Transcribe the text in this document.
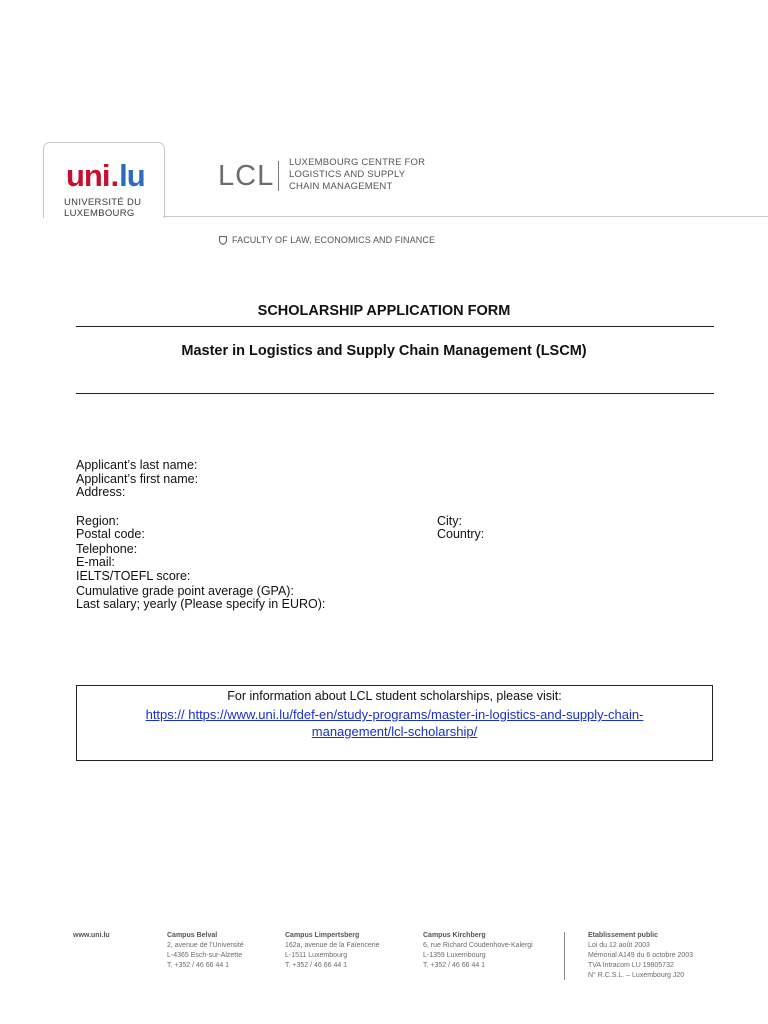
uni . lu
UNIVERSITÉ DU
LUXEMBOURG
LCL LUXEMBOURG CENTRE FOR
LOGISTICS AND SUPPLY
CHAIN MANAGEMENT
FACULTY OF LAW, ECONOMICS AND FINANCE
SCHOLARSHIP APPLICATION FORM
Master in Logistics and Supply Chain Management (LSCM)
Applicant’s last name:
Applicant’s first name:
Address:
Region:	City:
Postal code:	Country:
Telephone:
E-mail:
IELTS/TOEFL score:
Cumulative grade point average (GPA):
Last salary; yearly (Please specify in EURO):
For information about LCL student scholarships, please visit:
https:// https://www.uni.lu/fdef-en/study-programs/master-in-logistics-and-supply-chain-
management/lcl-scholarship/
www.uni.lu	Campus Belval
2, avenue de l’Université
L-4365 Esch-sur-Alzette
T. +352 / 46 66 44 1
Campus Limpertsberg
162a, avenue de la Faïencerie
L-1511 Luxembourg
T. +352 / 46 66 44 1
Campus Kirchberg
6, rue Richard Coudenhove-Kalergi
L-1359 Luxembourg
T. +352 / 46 66 44 1
Etablissement public
Loi du 12 août 2003
Mémorial A149 du 6 octobre 2003
TVA Intracom LU 19805732
N° R.C.S.L. – Luxembourg J20
